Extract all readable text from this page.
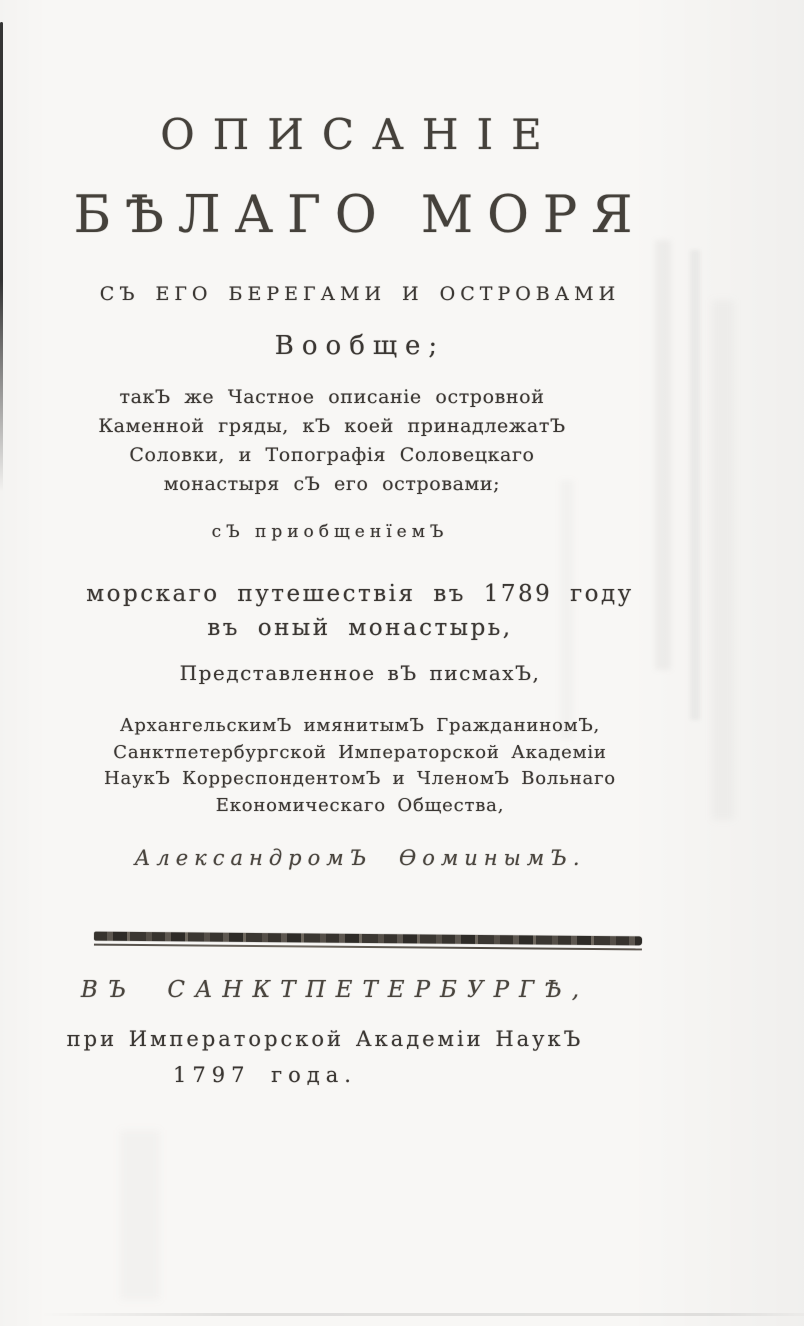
ОПИСАНІЕ
БѢЛАГО МОРЯ
СЪ ЕГО БЕРЕГАМИ И ОСТРОВАМИ
Вообще;
такЪ же Частное описаніе островной
Каменной гряды, кЪ коей принадлежатЪ
Соловки, и Топографія Соловецкаго
монастыря сЪ его островами;
сЪ приобщенїемЪ
морскаго путешествія въ 1789 году
въ оный монастырь,
Представленное вЪ писмахЪ,
АрхангельскимЪ имянитымЪ ГражданиномЪ,
Санктпетербургской Императорской Академіи
НаукЪ КорреспондентомЪ и ЧленомЪ Вольнаго
Економическаго Общества,
АлександромЪ ѲоминымЪ.
ВЪ САНКТПЕТЕРБУРГѢ,
при Императорской Академіи НаукЪ
1797 года.
